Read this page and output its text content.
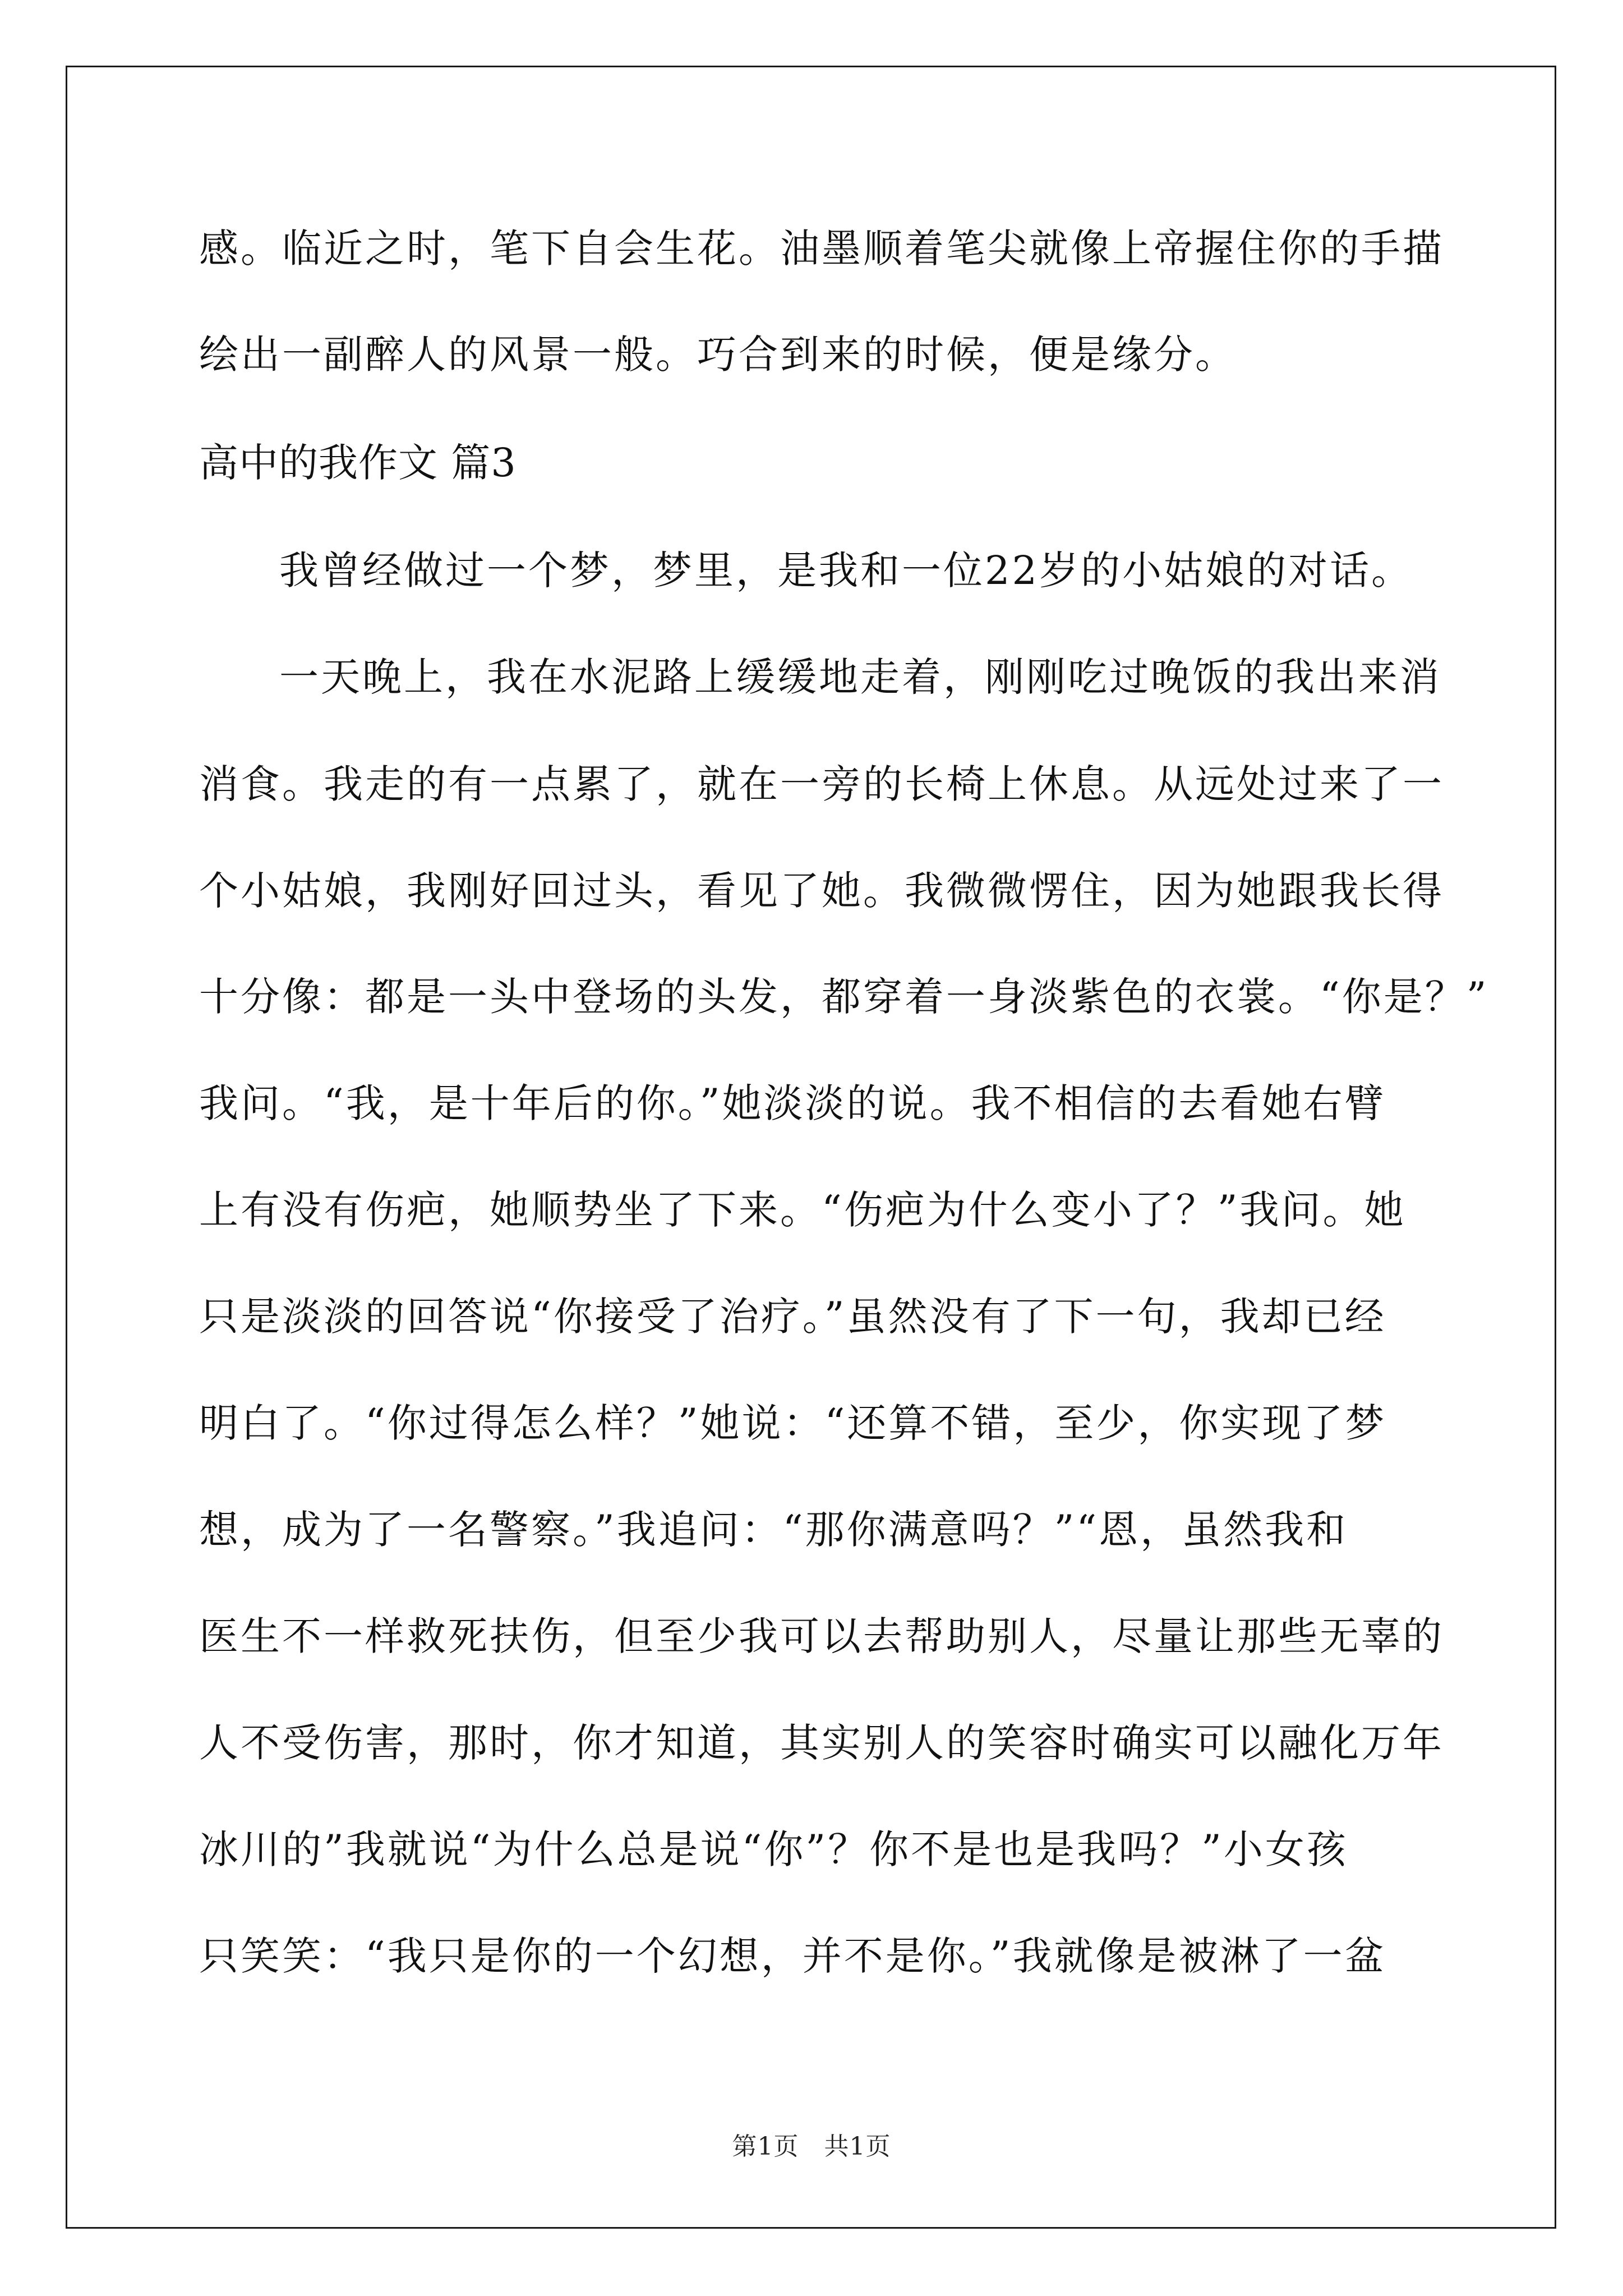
感。临近之时，笔下自会生花。油墨顺着笔尖就像上帝握住你的手描
绘出一副醉人的风景一般。巧合到来的时候，便是缘分。
高中的我作文 篇3
我曾经做过一个梦，梦里，是我和一位22岁的小姑娘的对话。
一天晚上，我在水泥路上缓缓地走着，刚刚吃过晚饭的我出来消
消食。我走的有一点累了，就在一旁的长椅上休息。从远处过来了一
个小姑娘，我刚好回过头，看见了她。我微微愣住，因为她跟我长得
十分像：都是一头中登场的头发，都穿着一身淡紫色的衣裳。“你是？”
我问。“我，是十年后的你。”她淡淡的说。我不相信的去看她右臂
上有没有伤疤，她顺势坐了下来。“伤疤为什么变小了？”我问。她
只是淡淡的回答说“你接受了治疗。”虽然没有了下一句，我却已经
明白了。“你过得怎么样？”她说：“还算不错，至少，你实现了梦
想，成为了一名警察。”我追问：“那你满意吗？”“恩，虽然我和
医生不一样救死扶伤，但至少我可以去帮助别人，尽量让那些无辜的
人不受伤害，那时，你才知道，其实别人的笑容时确实可以融化万年
冰川的”我就说“为什么总是说“你”？你不是也是我吗？”小女孩
只笑笑：“我只是你的一个幻想，并不是你。”我就像是被淋了一盆
第1页　共1页
